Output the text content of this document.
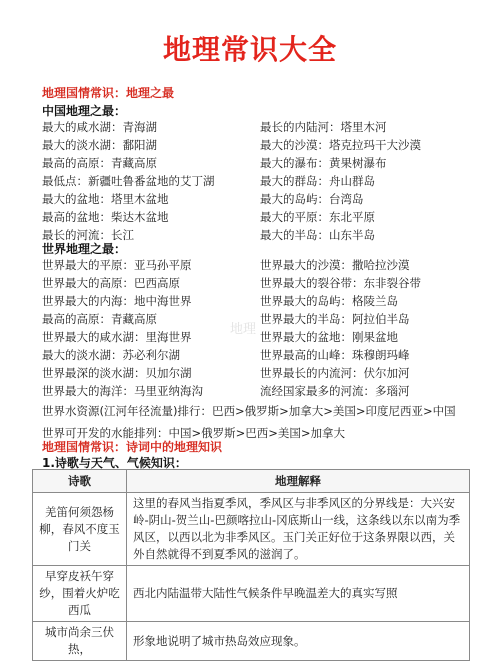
地理常识大全
地理国情常识：地理之最
中国地理之最：
最大的咸水湖：青海湖	最长的内陆河：塔里木河
最大的淡水湖：鄱阳湖	最大的沙漠：塔克拉玛干大沙漠
最高的高原：青藏高原	最大的瀑布：黄果树瀑布
最低点：新疆吐鲁番盆地的艾丁湖	最大的群岛：舟山群岛
最大的盆地：塔里木盆地	最大的岛屿：台湾岛
最高的盆地：柴达木盆地	最大的平原：东北平原
最长的河流：长江	最大的半岛：山东半岛
世界地理之最：
世界最大的平原：亚马孙平原	世界最大的沙漠：撒哈拉沙漠
世界最大的高原：巴西高原	世界最大的裂谷带：东非裂谷带
世界最大的内海：地中海世界	世界最大的岛屿：格陵兰岛
最高的高原：青藏高原	世界最大的半岛：阿拉伯半岛
世界最大的咸水湖：里海世界	世界最大的盆地：刚果盆地
最大的淡水湖：苏必利尔湖	世界最高的山峰：珠穆朗玛峰
世界最深的淡水湖：贝加尔湖	世界最长的内流河：伏尔加河
世界最大的海洋：马里亚纳海沟	流经国家最多的河流：多瑙河
世界水资源(江河年径流量)排行：巴西>俄罗斯>加拿大>美国>印度尼西亚>中国
世界可开发的水能排列：中国>俄罗斯>巴西>美国>加拿大
地理
地理国情常识：诗词中的地理知识
1.诗歌与天气、气候知识：
诗歌	地理解释
羌笛何须怨杨柳，春风不度玉门关	这里的春风当指夏季风，季风区与非季风区的分界线是：大兴安岭-阴山-贺兰山-巴颜喀拉山-冈底斯山一线，这条线以东以南为季风区，以西以北为非季风区。玉门关正好位于这条界限以西，关外自然就得不到夏季风的滋润了。
早穿皮袄午穿纱，围着火炉吃西瓜	西北内陆温带大陆性气候条件早晚温差大的真实写照
城市尚余三伏热，	形象地说明了城市热岛效应现象。
